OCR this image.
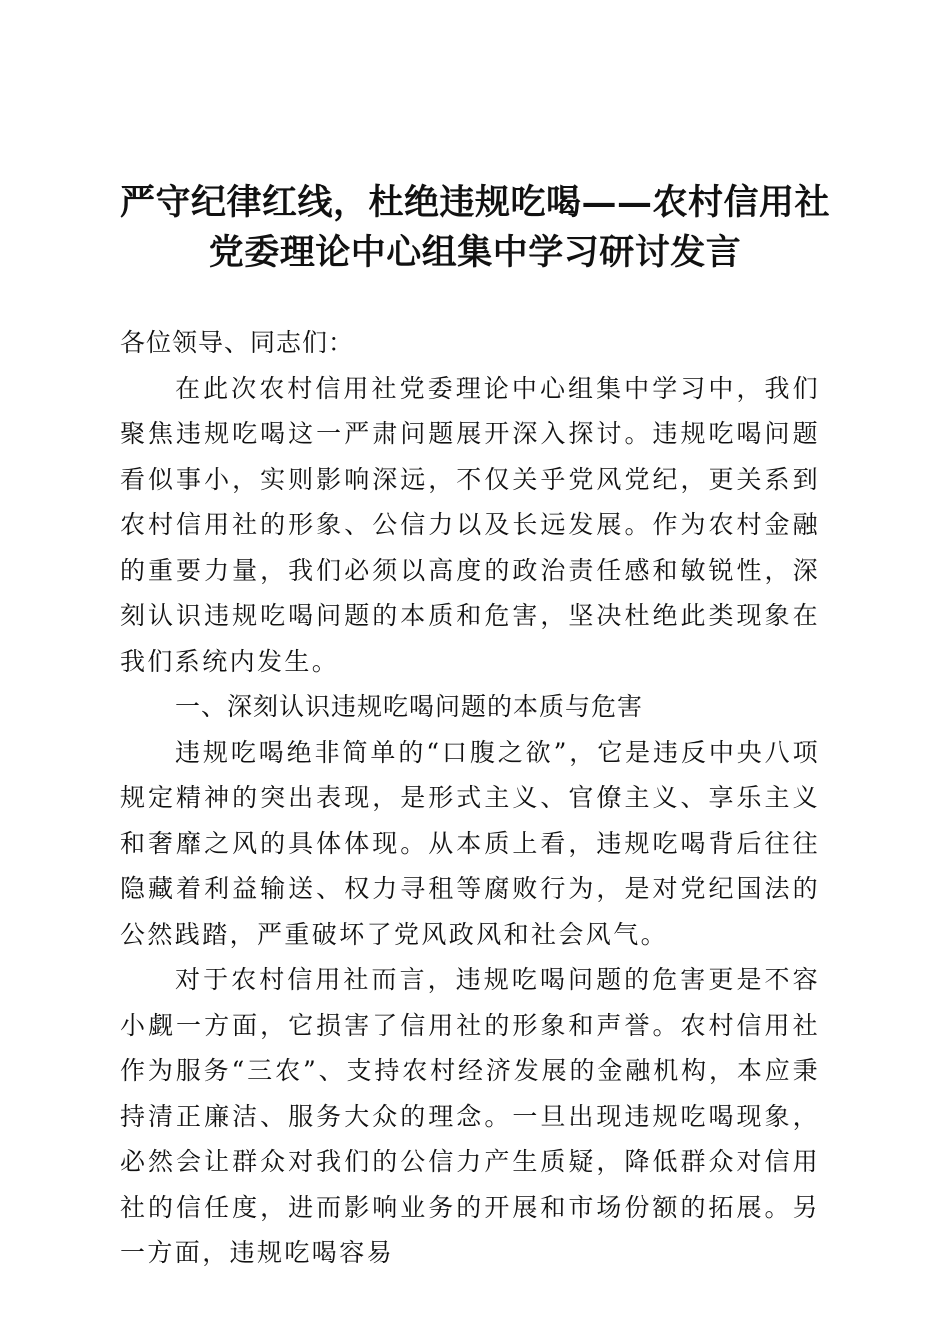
严守纪律红线，杜绝违规吃喝——农村信用社
党委理论中心组集中学习研讨发言

各位领导、同志们：

在此次农村信用社党委理论中心组集中学习中，我们聚焦违规吃喝这一严肃问题展开深入探讨。违规吃喝问题看似事小，实则影响深远，不仅关乎党风党纪，更关系到农村信用社的形象、公信力以及长远发展。作为农村金融的重要力量，我们必须以高度的政治责任感和敏锐性，深刻认识违规吃喝问题的本质和危害，坚决杜绝此类现象在我们系统内发生。

一、深刻认识违规吃喝问题的本质与危害

违规吃喝绝非简单的“口腹之欲”，它是违反中央八项规定精神的突出表现，是形式主义、官僚主义、享乐主义和奢靡之风的具体体现。从本质上看，违规吃喝背后往往隐藏着利益输送、权力寻租等腐败行为，是对党纪国法的公然践踏，严重破坏了党风政风和社会风气。

对于农村信用社而言，违规吃喝问题的危害更是不容小觑一方面，它损害了信用社的形象和声誉。农村信用社作为服务“三农”、支持农村经济发展的金融机构，本应秉持清正廉洁、服务大众的理念。一旦出现违规吃喝现象，必然会让群众对我们的公信力产生质疑，降低群众对信用社的信任度，进而影响业务的开展和市场份额的拓展。另一方面，违规吃喝容易
